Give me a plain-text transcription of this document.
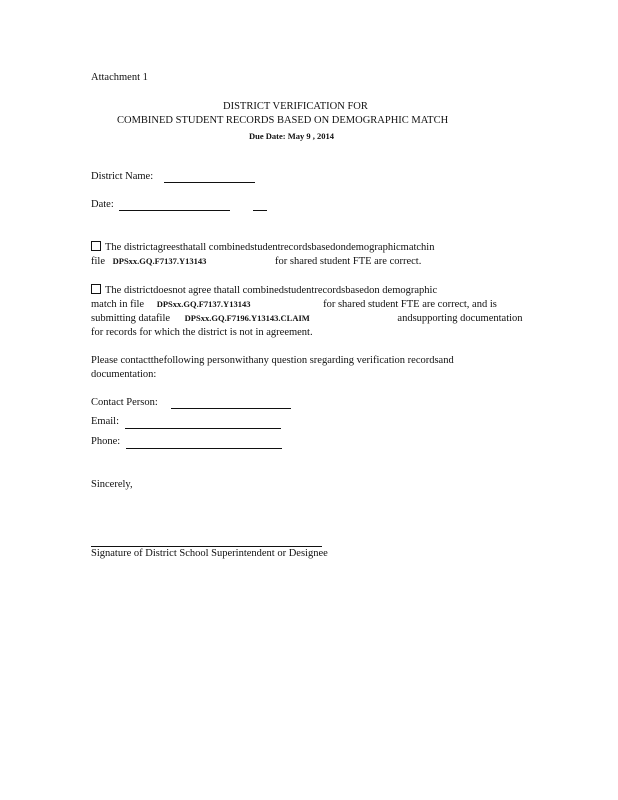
Attachment 1
DISTRICT VERIFICATION FOR
COMBINED STUDENT RECORDS BASED ON DEMOGRAPHIC MATCH
Due Date: May 9 , 2014
District Name:
Date:
The districtagreesthatall combinedstudentrecordsbasedondemographicmatchin
file DPSxx.GQ.F7137.Y13143	for shared student FTE are correct.
The districtdoesnot agree thatall combinedstudentrecordsbasedon demographic
match in file DPSxx.GQ.F7137.Y13143	for shared student FTE are correct, and is
submitting datafile DPSxx.GQ.F7196.Y13143.CLAIM	andsupporting documentation
for records for which the district is not in agreement.
Please contactthefollowing personwithany question sregarding verification recordsand
documentation:
Contact Person:
Email:
Phone:
Sincerely,
Signature of District School Superintendent or Designee
